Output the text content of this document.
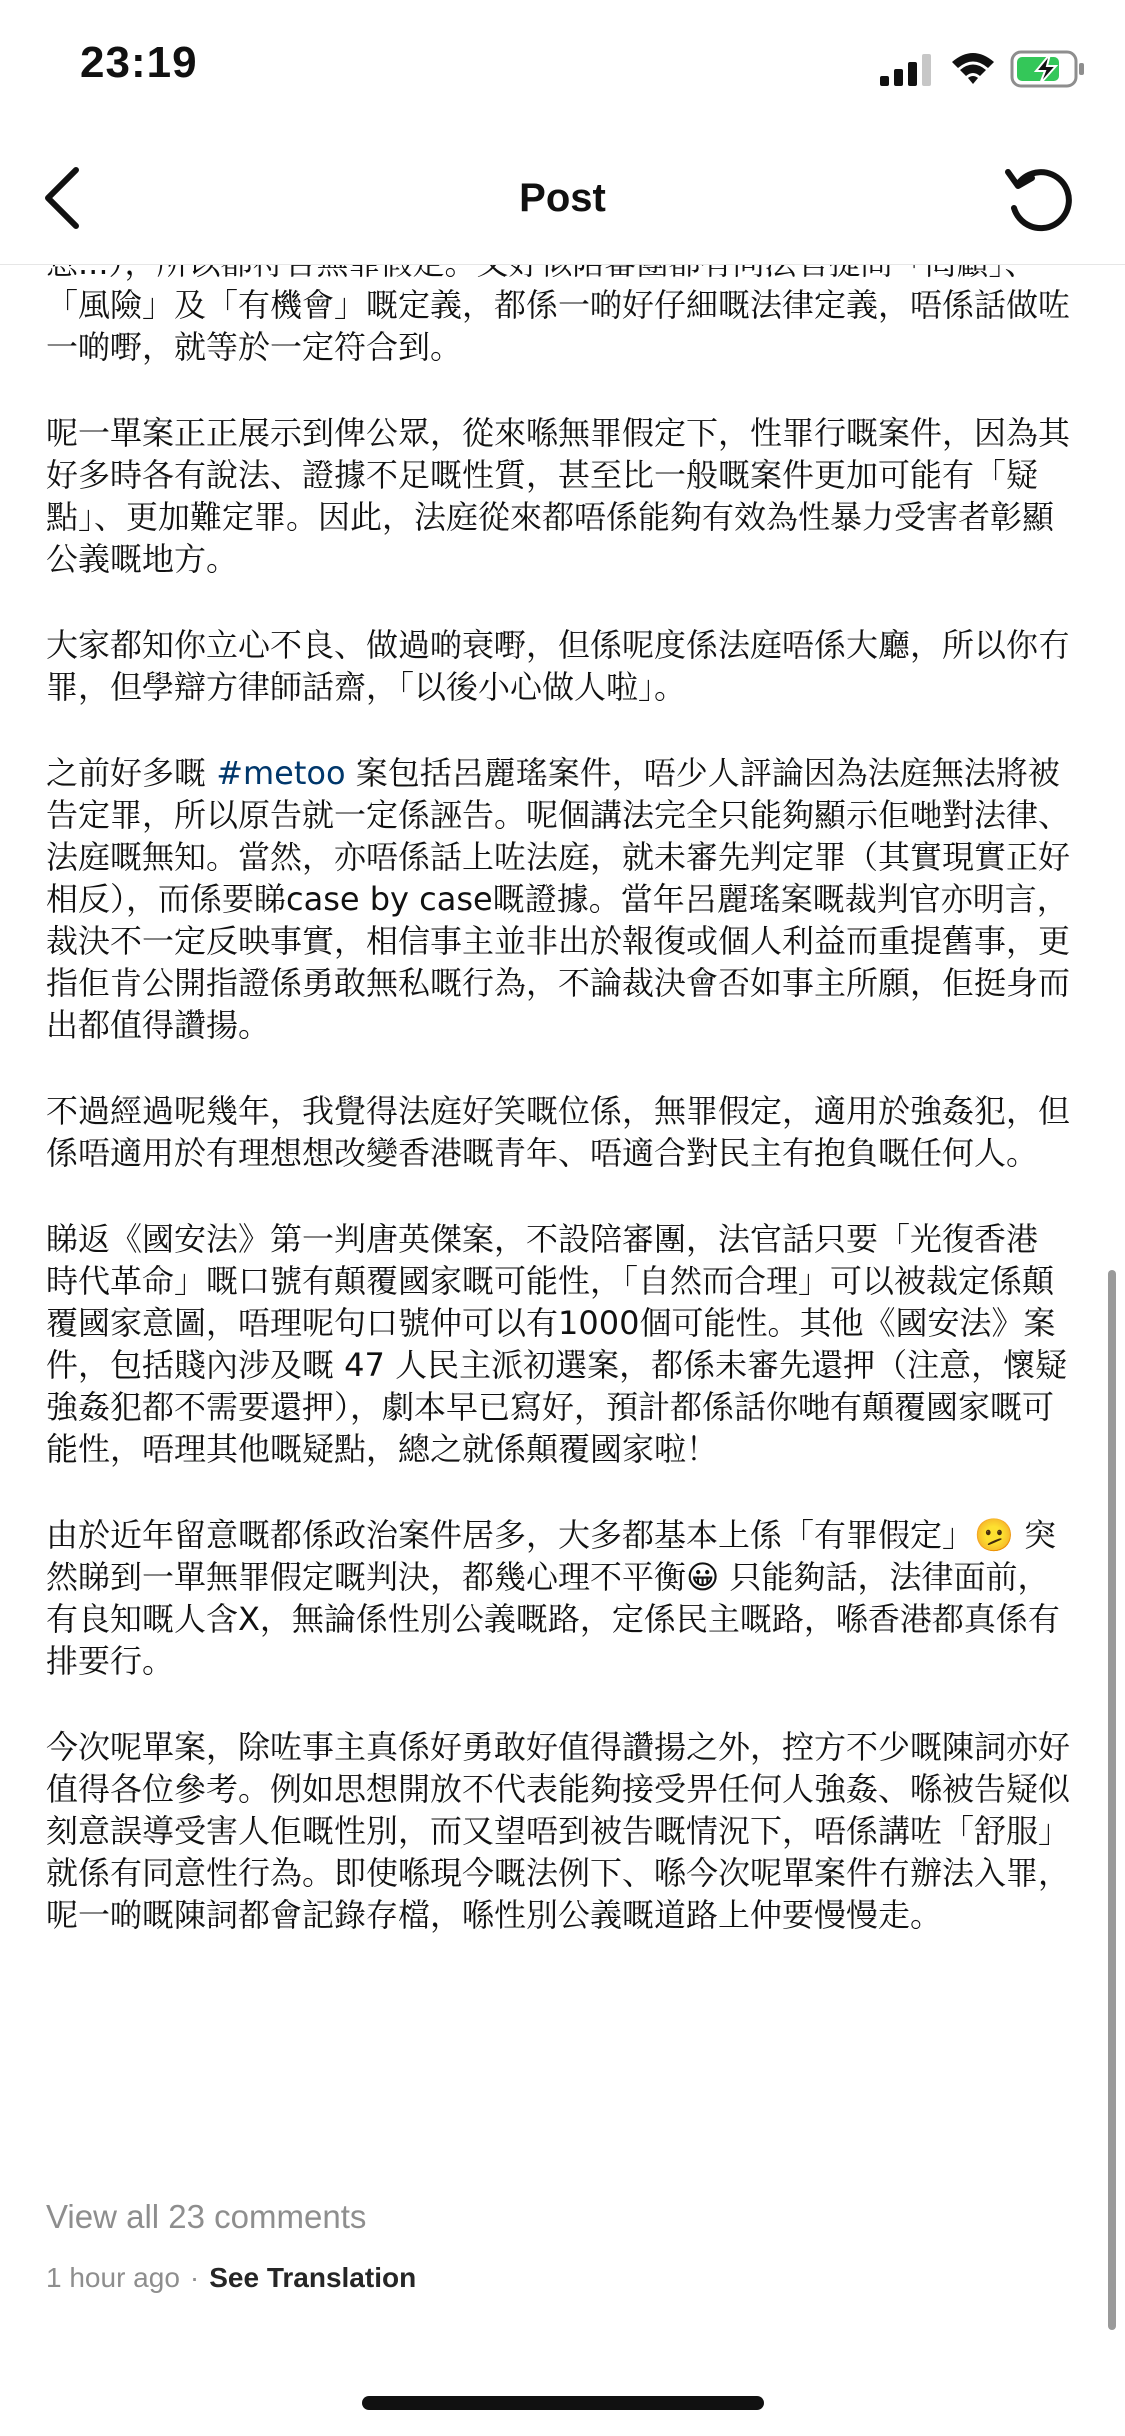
23:19
Post

「風險」及「有機會」嘅定義，都係一啲好仔細嘅法律定義，唔係話做咗一啲嘢，就等於一定符合到。

呢一單案正正展示到俾公眾，從來喺無罪假定下，性罪行嘅案件，因為其好多時各有說法、證據不足嘅性質，甚至比一般嘅案件更加可能有「疑點」、更加難定罪。因此，法庭從來都唔係能夠有效為性暴力受害者彰顯公義嘅地方。

大家都知你立心不良、做過啲衰嘢，但係呢度係法庭唔係大廳，所以你冇罪，但學辯方律師話齋，「以後小心做人啦」。

之前好多嘅 #metoo 案包括呂麗瑤案件，唔少人評論因為法庭無法將被告定罪，所以原告就一定係誣告。呢個講法完全只能夠顯示佢哋對法律、法庭嘅無知。當然，亦唔係話上咗法庭，就未審先判定罪（其實現實正好相反），而係要睇case by case嘅證據。當年呂麗瑤案嘅裁判官亦明言，裁決不一定反映事實，相信事主並非出於報復或個人利益而重提舊事，更指佢肯公開指證係勇敢無私嘅行為，不論裁決會否如事主所願，佢挺身而出都值得讚揚。

不過經過呢幾年，我覺得法庭好笑嘅位係，無罪假定，適用於強姦犯，但係唔適用於有理想想改變香港嘅青年、唔適合對民主有抱負嘅任何人。

睇返《國安法》第一判唐英傑案，不設陪審團，法官話只要「光復香港 時代革命」嘅口號有顛覆國家嘅可能性，「自然而合理」可以被裁定係顛覆國家意圖，唔理呢句口號仲可以有1000個可能性。其他《國安法》案件，包括賤內涉及嘅 47 人民主派初選案，都係未審先還押（注意，懷疑強姦犯都不需要還押），劇本早已寫好，預計都係話你哋有顛覆國家嘅可能性，唔理其他嘅疑點，總之就係顛覆國家啦！

由於近年留意嘅都係政治案件居多，大多都基本上係「有罪假定」🫤 突然睇到一單無罪假定嘅判決，都幾心理不平衡😀 只能夠話，法律面前，有良知嘅人含X，無論係性別公義嘅路，定係民主嘅路，喺香港都真係有排要行。

今次呢單案，除咗事主真係好勇敢好值得讚揚之外，控方不少嘅陳詞亦好值得各位參考。例如思想開放不代表能夠接受畀任何人強姦、喺被告疑似刻意誤導受害人佢嘅性別，而又望唔到被告嘅情況下，唔係講咗「舒服」就係有同意性行為。即使喺現今嘅法例下、喺今次呢單案件冇辦法入罪，呢一啲嘅陳詞都會記錄存檔，喺性別公義嘅道路上仲要慢慢走。

View all 23 comments
1 hour ago · See Translation
